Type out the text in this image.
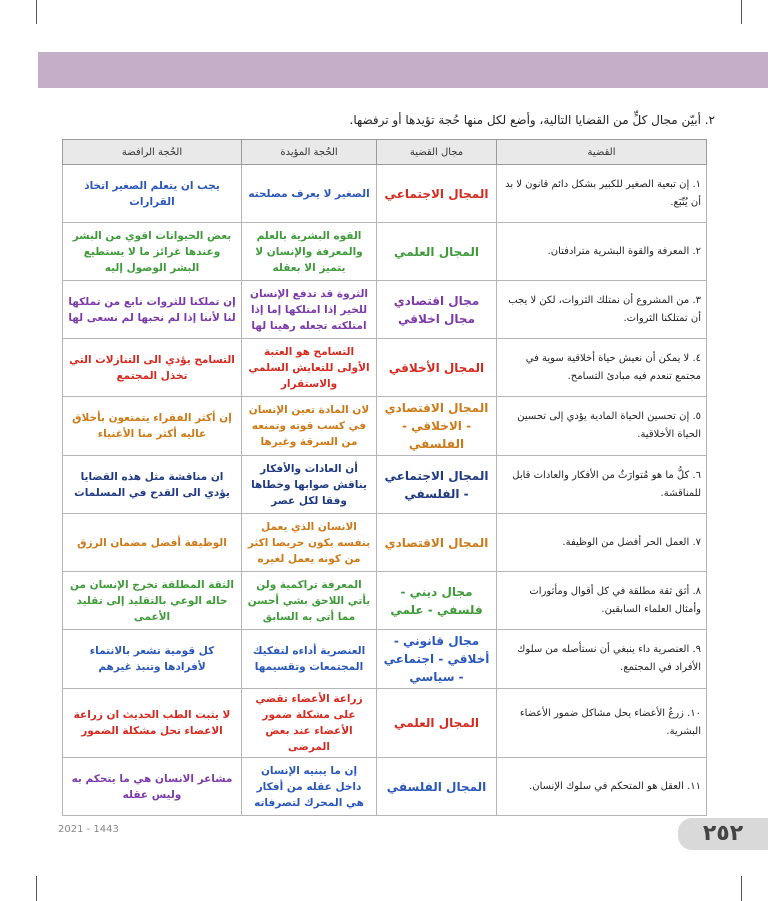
٢. أبيّن مجال كلٍّ من القضايا التالية، وأضع لكل منها حُجة تؤيدها أو ترفضها.
القضية	مجال القضية	الحُجة المؤيدة	الحُجة الرافضة
١. إن تبعية الصغير للكبير بشكل دائم قانون لا بد أن يُتّبَع.	المجال الاجتماعي	الصغير لا يعرف مصلحته	يجب ان يتعلم الصغير اتخاذ القرارات
٢. المعرفة والقوة البشرية مترادفتان.	المجال العلمي	القوه البشرية بالعلم والمعرفة والإنسان لا يتميز الا بعقله	بعض الحيوانات اقوي من البشر وعندها غرائز ما لا يستطيع البشر الوصول إليه
٣. من المشروع أن نمتلك الثروات، لكن لا يجب أن تمتلكنا الثروات.	مجال اقتصادي مجال اخلاقي	الثروة قد تدفع الإنسان للخير إذا امتلكها إما إذا امتلكته تجعله رهينا لها	إن تملكنا للثروات نابع من تملكها لنا لأننا إذا لم نحبها لم نسعى لها
٤. لا يمكن أن نعيش حياة أخلاقية سوية في مجتمع تنعدم فيه مبادئ التسامح.	المجال الأخلاقي	التسامح هو العتبة الأولى للتعايش السلمي والاستقرار	التسامح يؤدي الى التنازلات التي تخذل المجتمع
٥. إن تحسين الحياة المادية يؤدي إلى تحسين الحياة الأخلاقية.	المجال الاقتصادي - الاخلاقي - الفلسفي	لان المادة تعين الإنسان في كسب قوته وتمنعه من السرقة وغيرها	إن أكثر الفقراء يتمتعون بأخلاق عاليه أكثر منا الأغنياء
٦. كلُّ ما هو مُتوارَثٌ من الأفكار والعادات قابل للمناقشة.	المجال الاجتماعي - الفلسفي	أن العادات والأفكار يناقش صوابها وخطاها وفقا لكل عصر	ان مناقشة مثل هذه القضايا يؤدي الى القدح في المسلمات
٧. العمل الحر أفضل من الوظيفة.	المجال الاقتصادي	الانسان الذي يعمل بنفسه يكون حريصا اكثر من كونه يعمل لغيره	الوظيفة أفضل مضمان الرزق
٨. أثق ثقة مطلقة في كل أقوال ومأثورات وأمثال العلماء السابقين.	مجال ديني - فلسفي - علمي	المعرفة تراكمية ولن يأتي اللاحق بشي أحسن مما أتى به السابق	الثقة المطلقة تخرج الإنسان من حاله الوعي بالتقليد إلى تقليد الأعمى
٩. العنصرية داء ينبغي أن نستأصله من سلوك الأفراد في المجتمع.	مجال قانوني - أخلاقي - اجتماعي - سياسي	العنصرية أداءه لتفكيك المجتمعات وتقسيمها	كل قومية تشعر بالانتماء لأفرادها وتنبذ غيرهم
١٠. زرعُ الأعضاء يحل مشاكل ضمور الأعضاء البشرية.	المجال العلمي	زراعة الأعضاء تقضي على مشكلة ضمور الأعضاء عند بعض المرضى	لا يثبت الطب الحديث ان زراعة الاعضاء تحل مشكلة الضمور
١١. العقل هو المتحكم في سلوك الإنسان.	المجال الفلسفي	إن ما يبنيه الإنسان داخل عقله من أفكار هي المحرك لتصرفاته	مشاعر الانسان هي ما يتحكم به وليس عقله
٢٥٢
2021 - 1443
